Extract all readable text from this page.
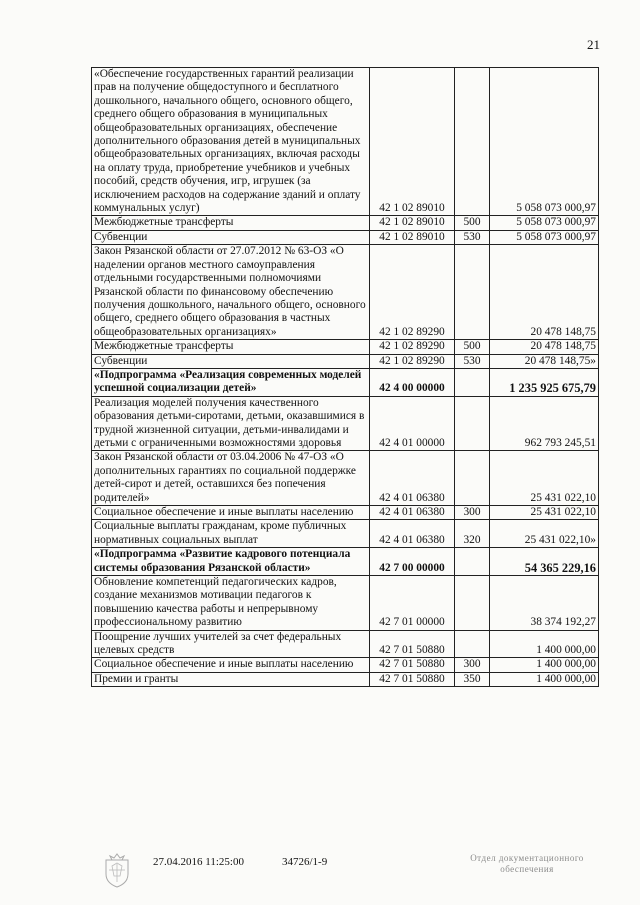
21
«Обеспечение государственных гарантий реализации прав на получение общедоступного и бесплатного дошкольного, начального общего, основного общего, среднего общего образования в муниципальных общеобразовательных организациях, обеспечение дополнительного образования детей в муниципальных общеобразовательных организациях, включая расходы на оплату труда, приобретение учебников и учебных пособий, средств обучения, игр, игрушек (за исключением расходов на содержание зданий и оплату коммунальных услуг)	42 1 02 89010		5 058 073 000,97
Межбюджетные трансферты	42 1 02 89010	500	5 058 073 000,97
Субвенции	42 1 02 89010	530	5 058 073 000,97
Закон Рязанской области от 27.07.2012 № 63-ОЗ «О наделении органов местного самоуправления отдельными государственными полномочиями Рязанской области по финансовому обеспечению получения дошкольного, начального общего, основного общего, среднего общего образования в частных общеобразовательных организациях»	42 1 02 89290		20 478 148,75
Межбюджетные трансферты	42 1 02 89290	500	20 478 148,75
Субвенции	42 1 02 89290	530	20 478 148,75»
«Подпрограмма «Реализация современных моделей успешной социализации детей»	42 4 00 00000		1 235 925 675,79
Реализация моделей получения качественного образования детьми-сиротами, детьми, оказавшимися в трудной жизненной ситуации, детьми-инвалидами и детьми с ограниченными возможностями здоровья	42 4 01 00000		962 793 245,51
Закон Рязанской области от 03.04.2006 № 47-ОЗ «О дополнительных гарантиях по социальной поддержке детей-сирот и детей, оставшихся без попечения родителей»	42 4 01 06380		25 431 022,10
Социальное обеспечение и иные выплаты населению	42 4 01 06380	300	25 431 022,10
Социальные выплаты гражданам, кроме публичных нормативных социальных выплат	42 4 01 06380	320	25 431 022,10»
«Подпрограмма «Развитие кадрового потенциала системы образования Рязанской области»	42 7 00 00000		54 365 229,16
Обновление компетенций педагогических кадров, создание механизмов мотивации педагогов к повышению качества работы и непрерывному профессиональному развитию	42 7 01 00000		38 374 192,27
Поощрение лучших учителей за счет федеральных целевых средств	42 7 01 50880		1 400 000,00
Социальное обеспечение и иные выплаты населению	42 7 01 50880	300	1 400 000,00
Премии и гранты	42 7 01 50880	350	1 400 000,00
27.04.2016 11:25:00	34726/1-9	Отдел документационного
обеспечения
